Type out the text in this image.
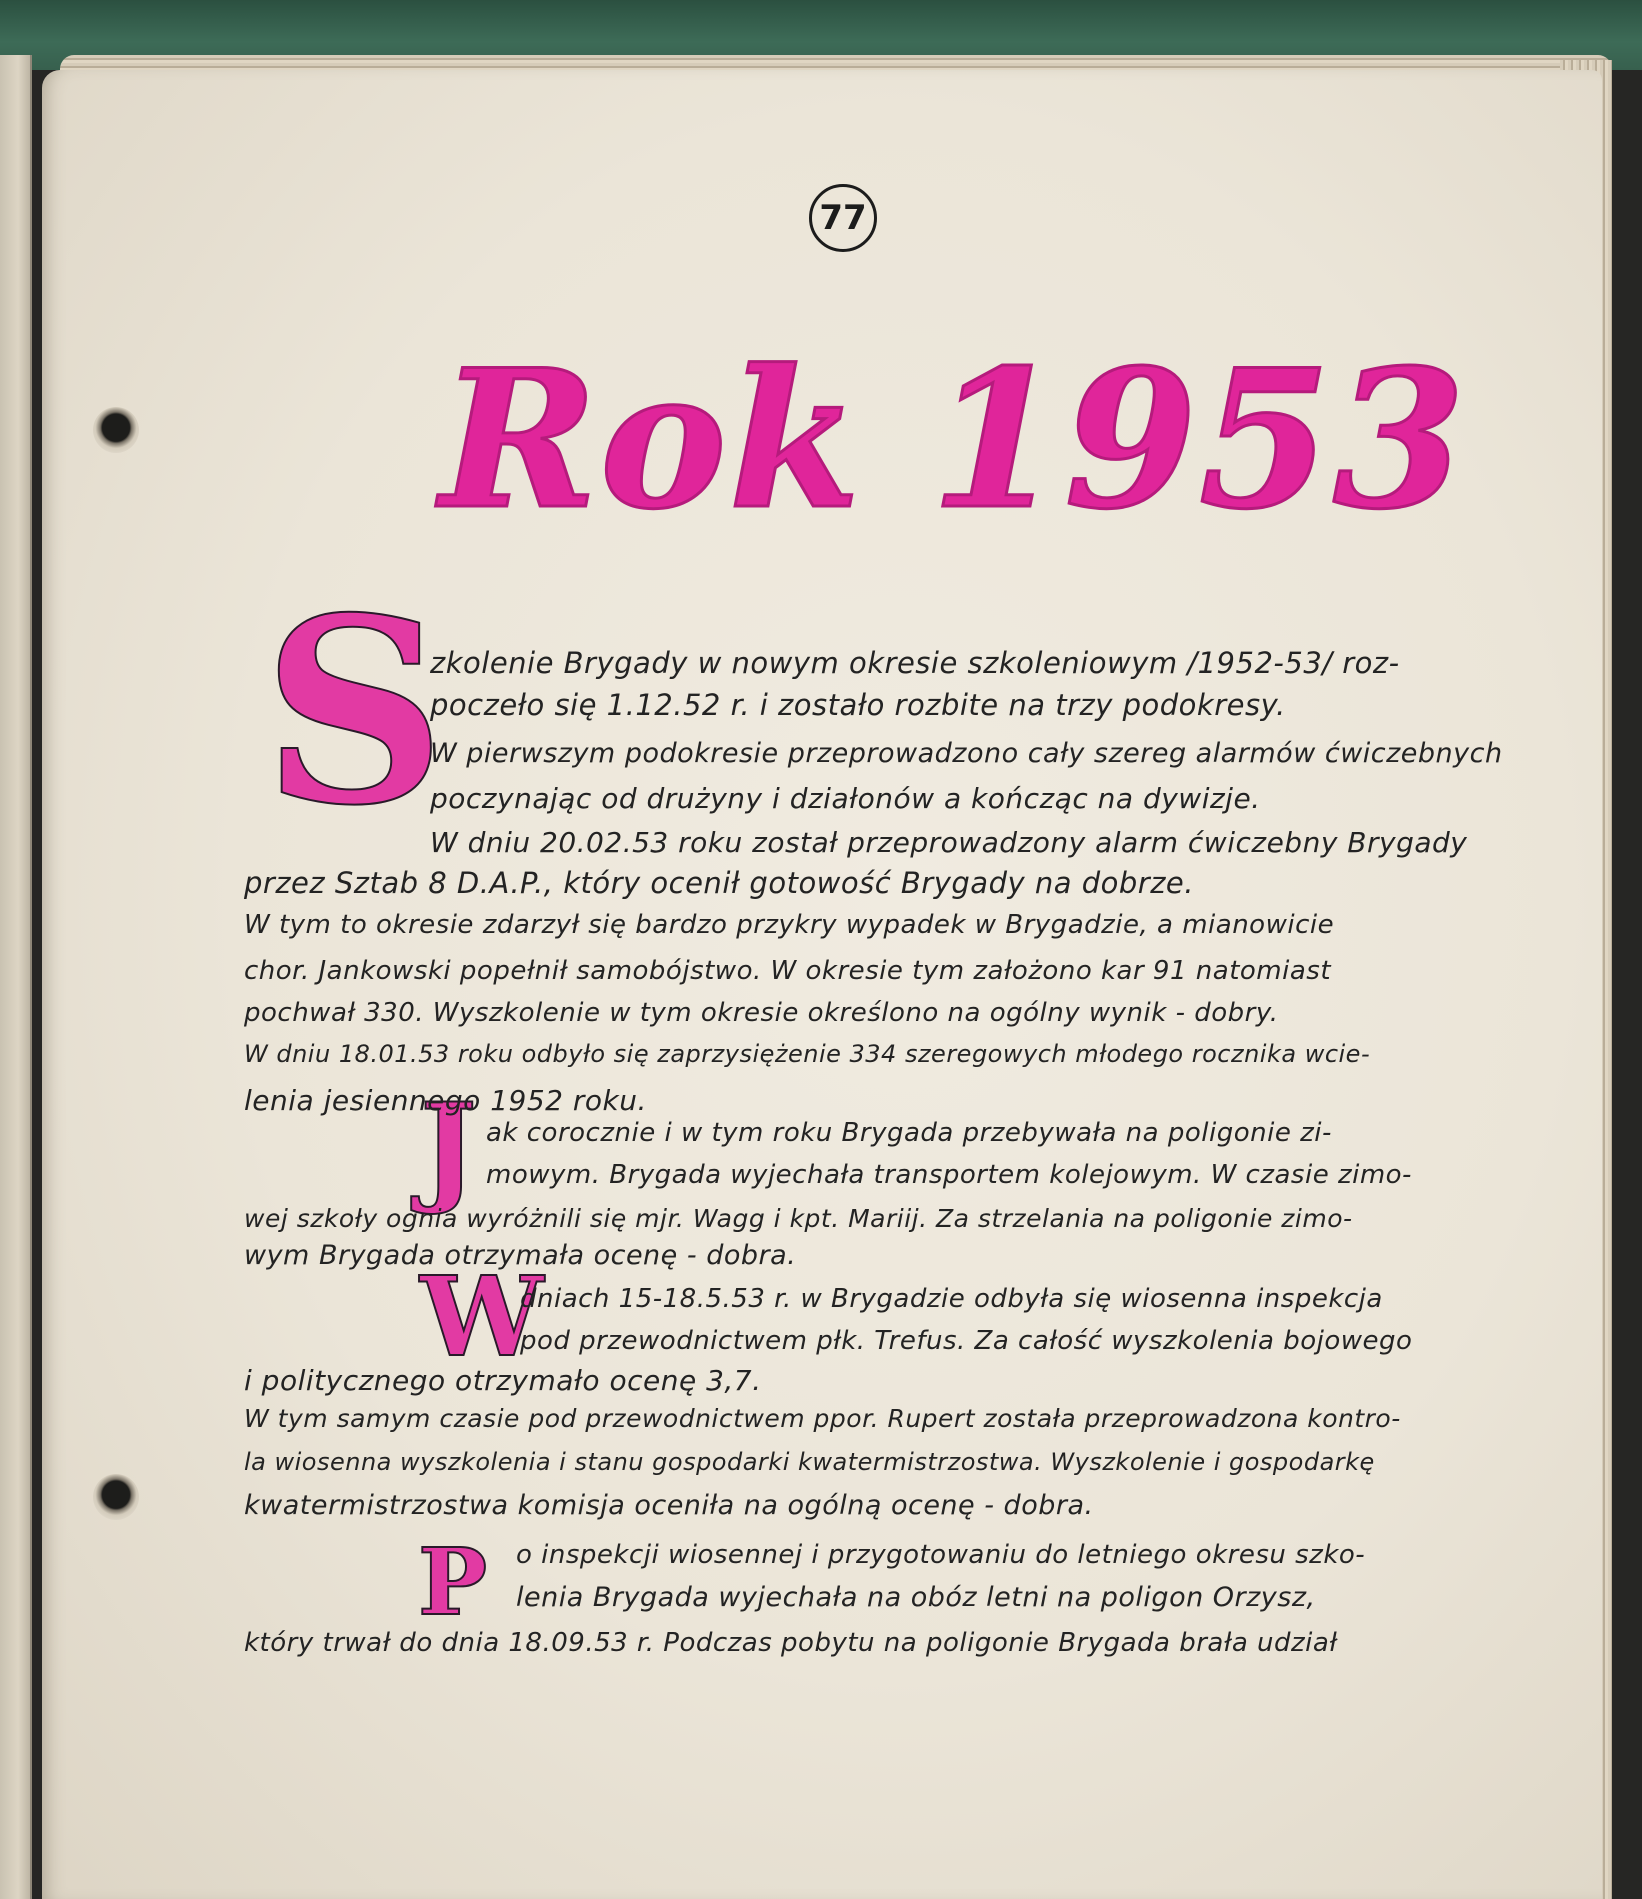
77
Rok 1953
S
J
W
P
zkolenie Brygady w nowym okresie szkoleniowym /1952-53/ roz-
poczeło się 1.12.52 r. i zostało rozbite na trzy podokresy.
W pierwszym podokresie przeprowadzono cały szereg alarmów ćwiczebnych
poczynając od drużyny i działonów a kończąc na dywizje.
W dniu 20.02.53 roku został przeprowadzony alarm ćwiczebny Brygady
przez Sztab 8 D.A.P., który ocenił gotowość Brygady na dobrze.
W tym to okresie zdarzył się bardzo przykry wypadek w Brygadzie, a mianowicie
chor. Jankowski popełnił samobójstwo. W okresie tym założono kar 91 natomiast
pochwał 330. Wyszkolenie w tym okresie określono na ogólny wynik - dobry.
W dniu 18.01.53 roku odbyło się zaprzysiężenie 334 szeregowych młodego rocznika wcie-
lenia jesiennego 1952 roku.
ak corocznie i w tym roku Brygada przebywała na poligonie zi-
mowym. Brygada wyjechała transportem kolejowym. W czasie zimo-
wej szkoły ognia wyróżnili się mjr. Wagg i kpt. Mariij. Za strzelania na poligonie zimo-
wym Brygada otrzymała ocenę - dobra.
dniach 15-18.5.53 r. w Brygadzie odbyła się wiosenna inspekcja
pod przewodnictwem płk. Trefus. Za całość wyszkolenia bojowego
i politycznego otrzymało ocenę 3,7.
W tym samym czasie pod przewodnictwem ppor. Rupert została przeprowadzona kontro-
la wiosenna wyszkolenia i stanu gospodarki kwatermistrzostwa. Wyszkolenie i gospodarkę
kwatermistrzostwa komisja oceniła na ogólną ocenę - dobra.
o inspekcji wiosennej i przygotowaniu do letniego okresu szko-
lenia Brygada wyjechała na obóz letni na poligon Orzysz,
który trwał do dnia 18.09.53 r. Podczas pobytu na poligonie Brygada brała udział
